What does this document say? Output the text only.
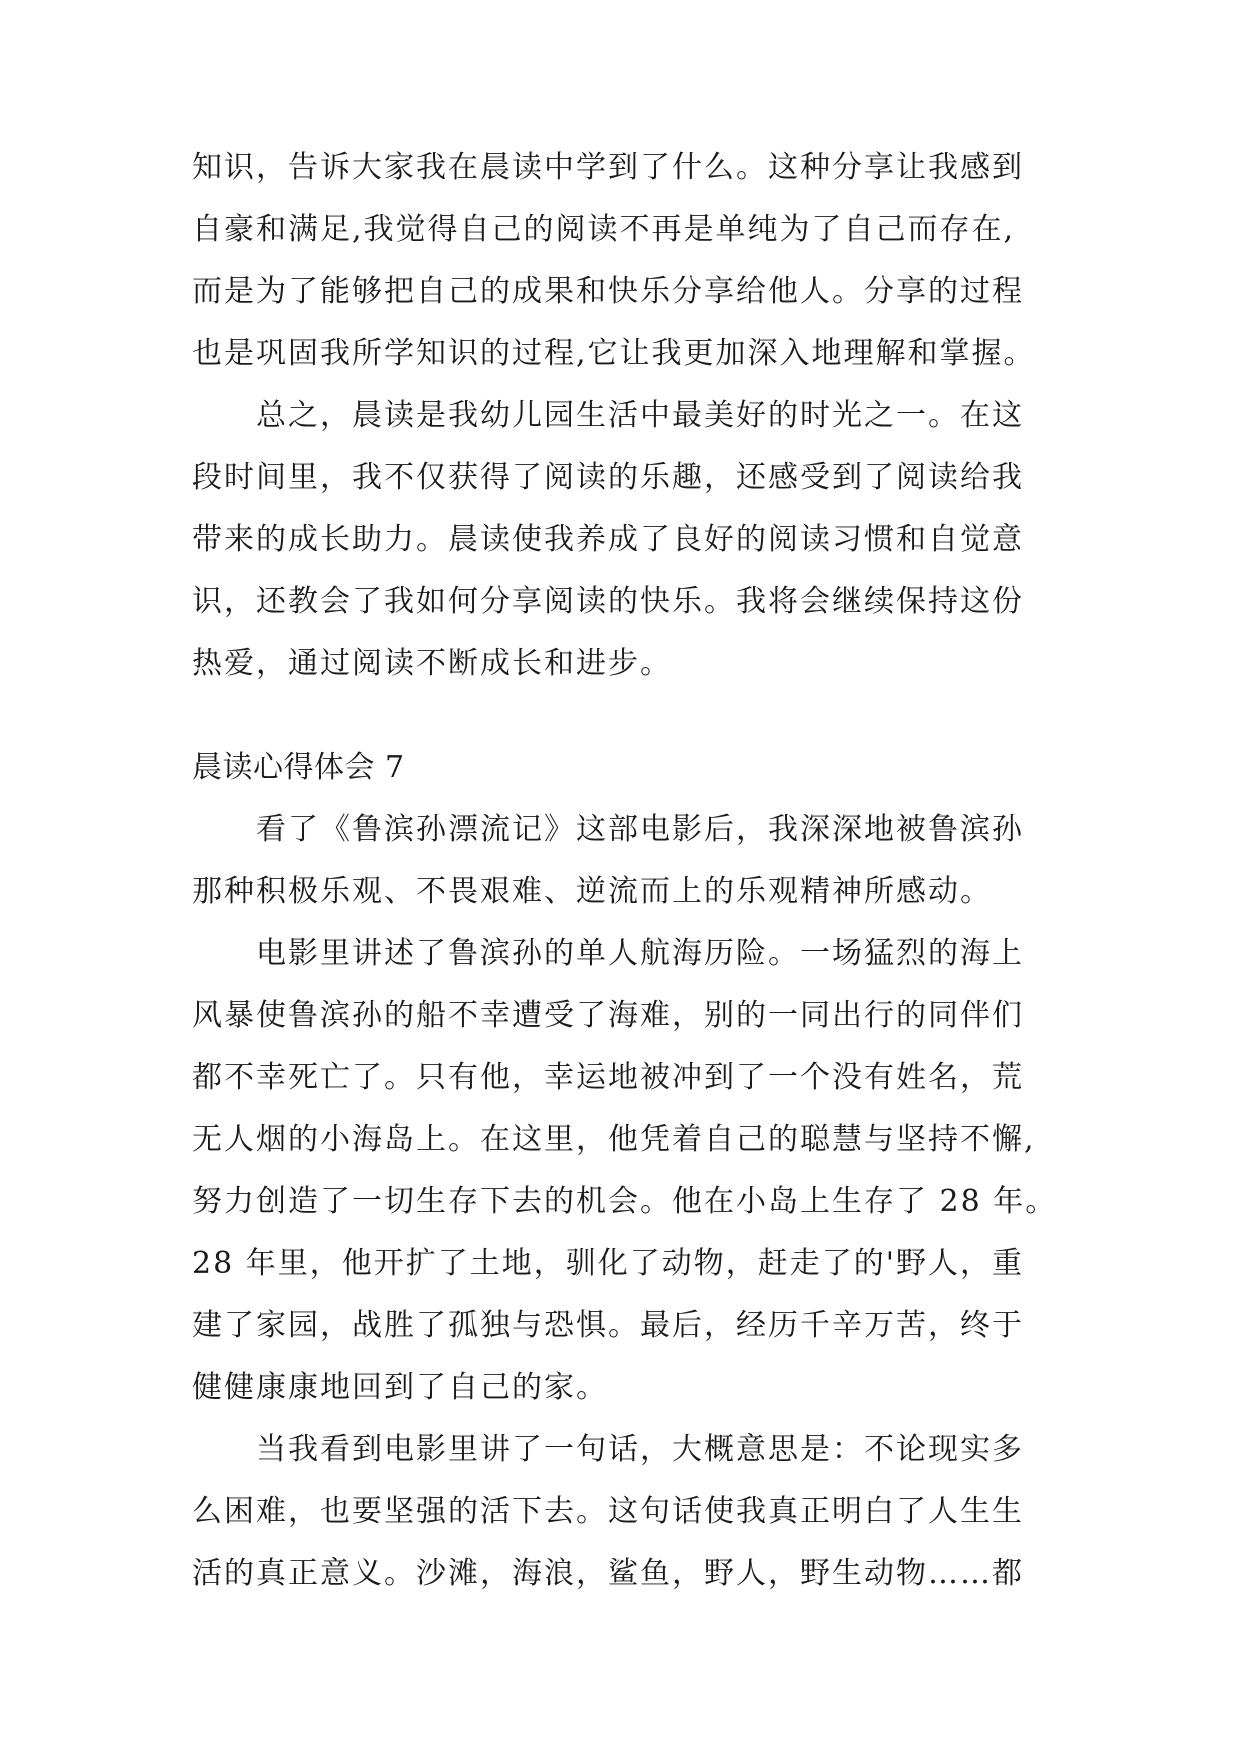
知识，告诉大家我在晨读中学到了什么。这种分享让我感到
自豪和满足,我觉得自己的阅读不再是单纯为了自己而存在,
而是为了能够把自己的成果和快乐分享给他人。分享的过程
也是巩固我所学知识的过程,它让我更加深入地理解和掌握。
总之，晨读是我幼儿园生活中最美好的时光之一。在这
段时间里，我不仅获得了阅读的乐趣，还感受到了阅读给我
带来的成长助力。晨读使我养成了良好的阅读习惯和自觉意
识，还教会了我如何分享阅读的快乐。我将会继续保持这份
热爱，通过阅读不断成长和进步。
晨读心得体会 7
看了《鲁滨孙漂流记》这部电影后，我深深地被鲁滨孙
那种积极乐观、不畏艰难、逆流而上的乐观精神所感动。
电影里讲述了鲁滨孙的单人航海历险。一场猛烈的海上
风暴使鲁滨孙的船不幸遭受了海难，别的一同出行的同伴们
都不幸死亡了。只有他，幸运地被冲到了一个没有姓名，荒
无人烟的小海岛上。在这里，他凭着自己的聪慧与坚持不懈,
努力创造了一切生存下去的机会。他在小岛上生存了 28 年。
28 年里，他开扩了土地，驯化了动物，赶走了的'野人，重
建了家园，战胜了孤独与恐惧。最后，经历千辛万苦，终于
健健康康地回到了自己的家。
当我看到电影里讲了一句话，大概意思是：不论现实多
么困难，也要坚强的活下去。这句话使我真正明白了人生生
活的真正意义。沙滩，海浪，鲨鱼，野人，野生动物……都
